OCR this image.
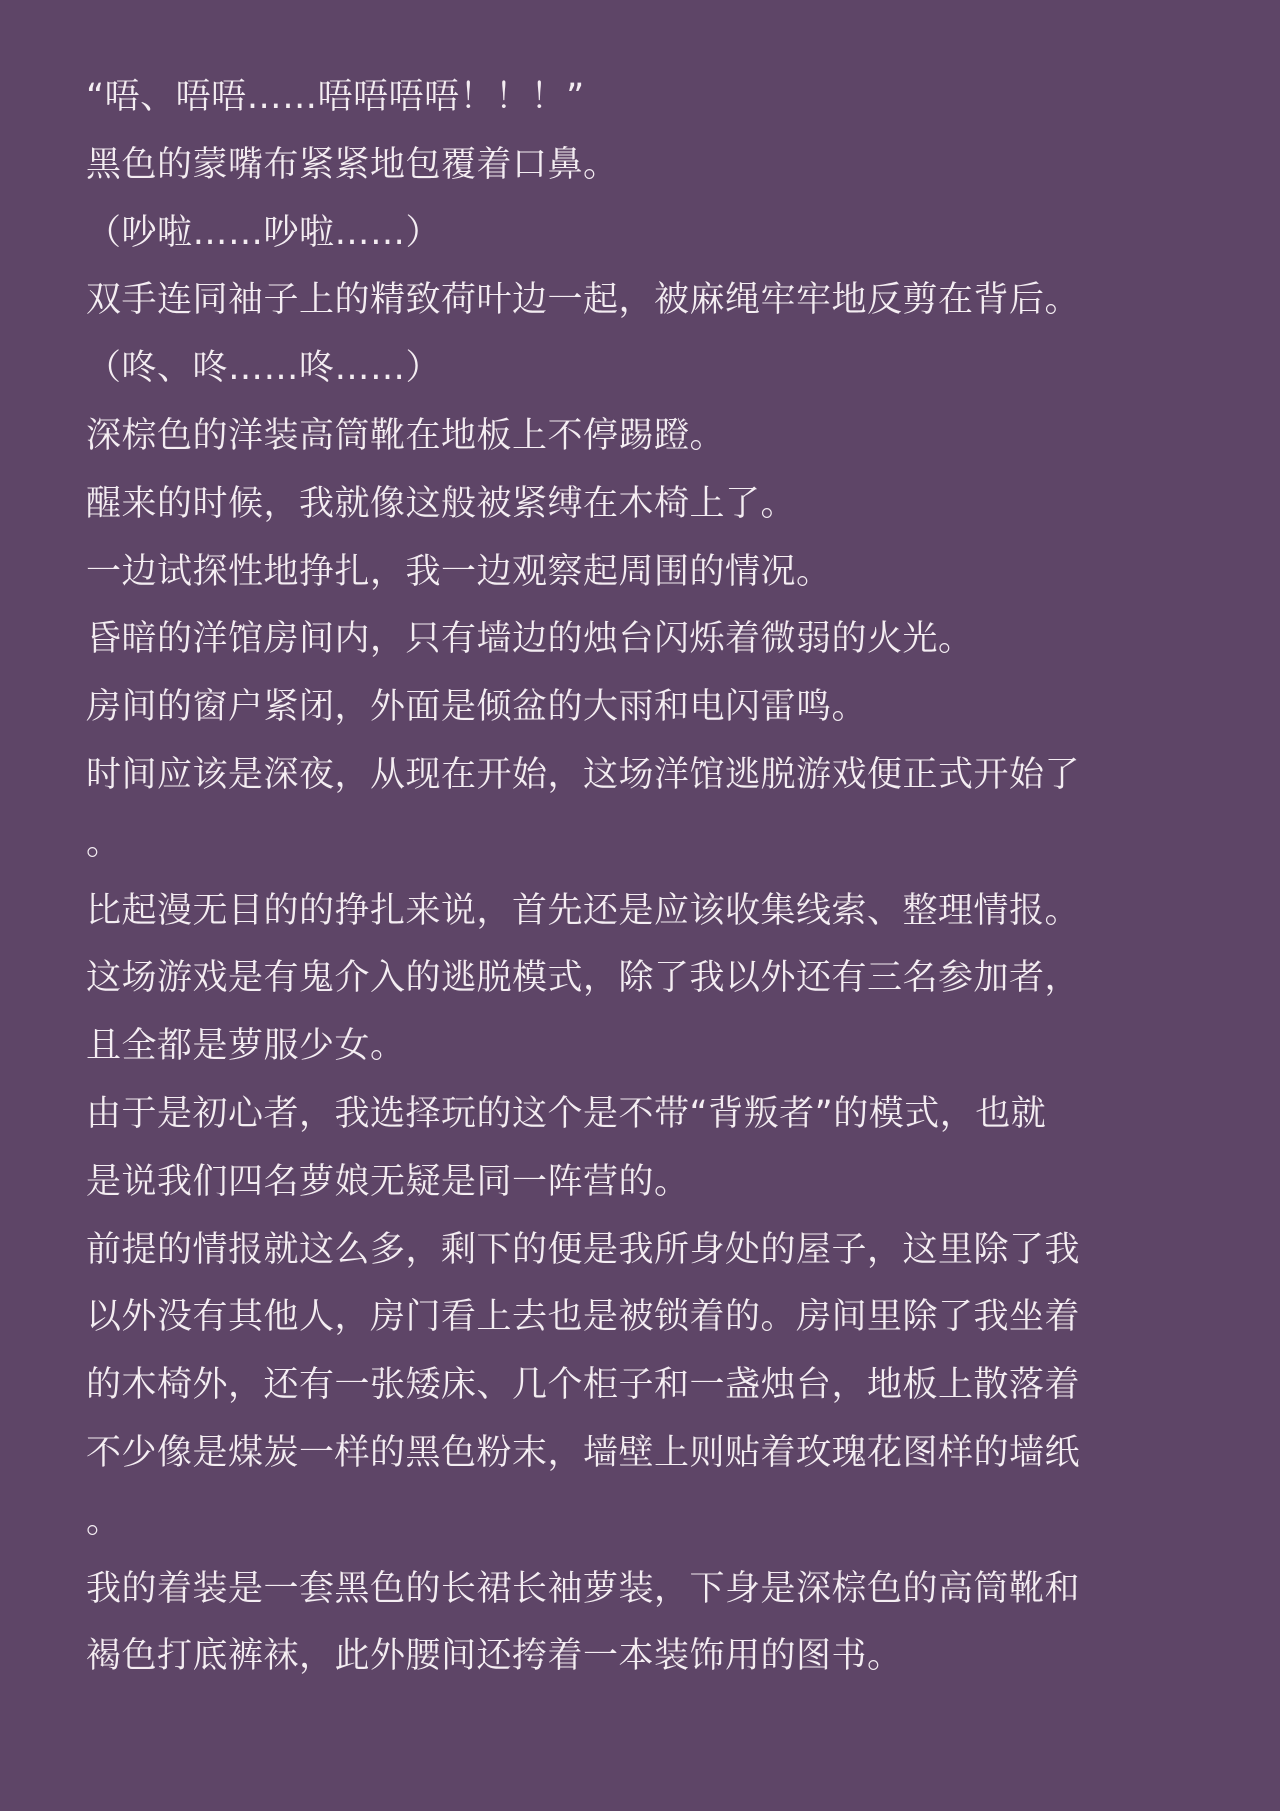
“唔、唔唔……唔唔唔唔！！！”
黑色的蒙嘴布紧紧地包覆着口鼻。
（吵啦……吵啦……）
双手连同袖子上的精致荷叶边一起，被麻绳牢牢地反剪在背后。
（咚、咚……咚……）
深棕色的洋装高筒靴在地板上不停踢蹬。
醒来的时候，我就像这般被紧缚在木椅上了。
一边试探性地挣扎，我一边观察起周围的情况。
昏暗的洋馆房间内，只有墙边的烛台闪烁着微弱的火光。
房间的窗户紧闭，外面是倾盆的大雨和电闪雷鸣。
时间应该是深夜，从现在开始，这场洋馆逃脱游戏便正式开始了
。
比起漫无目的的挣扎来说，首先还是应该收集线索、整理情报。
这场游戏是有鬼介入的逃脱模式，除了我以外还有三名参加者，
且全都是萝服少女。
由于是初心者，我选择玩的这个是不带“背叛者”的模式，也就
是说我们四名萝娘无疑是同一阵营的。
前提的情报就这么多，剩下的便是我所身处的屋子，这里除了我
以外没有其他人，房门看上去也是被锁着的。房间里除了我坐着
的木椅外，还有一张矮床、几个柜子和一盏烛台，地板上散落着
不少像是煤炭一样的黑色粉末，墙壁上则贴着玫瑰花图样的墙纸
。
我的着装是一套黑色的长裙长袖萝装，下身是深棕色的高筒靴和
褐色打底裤袜，此外腰间还挎着一本装饰用的图书。
